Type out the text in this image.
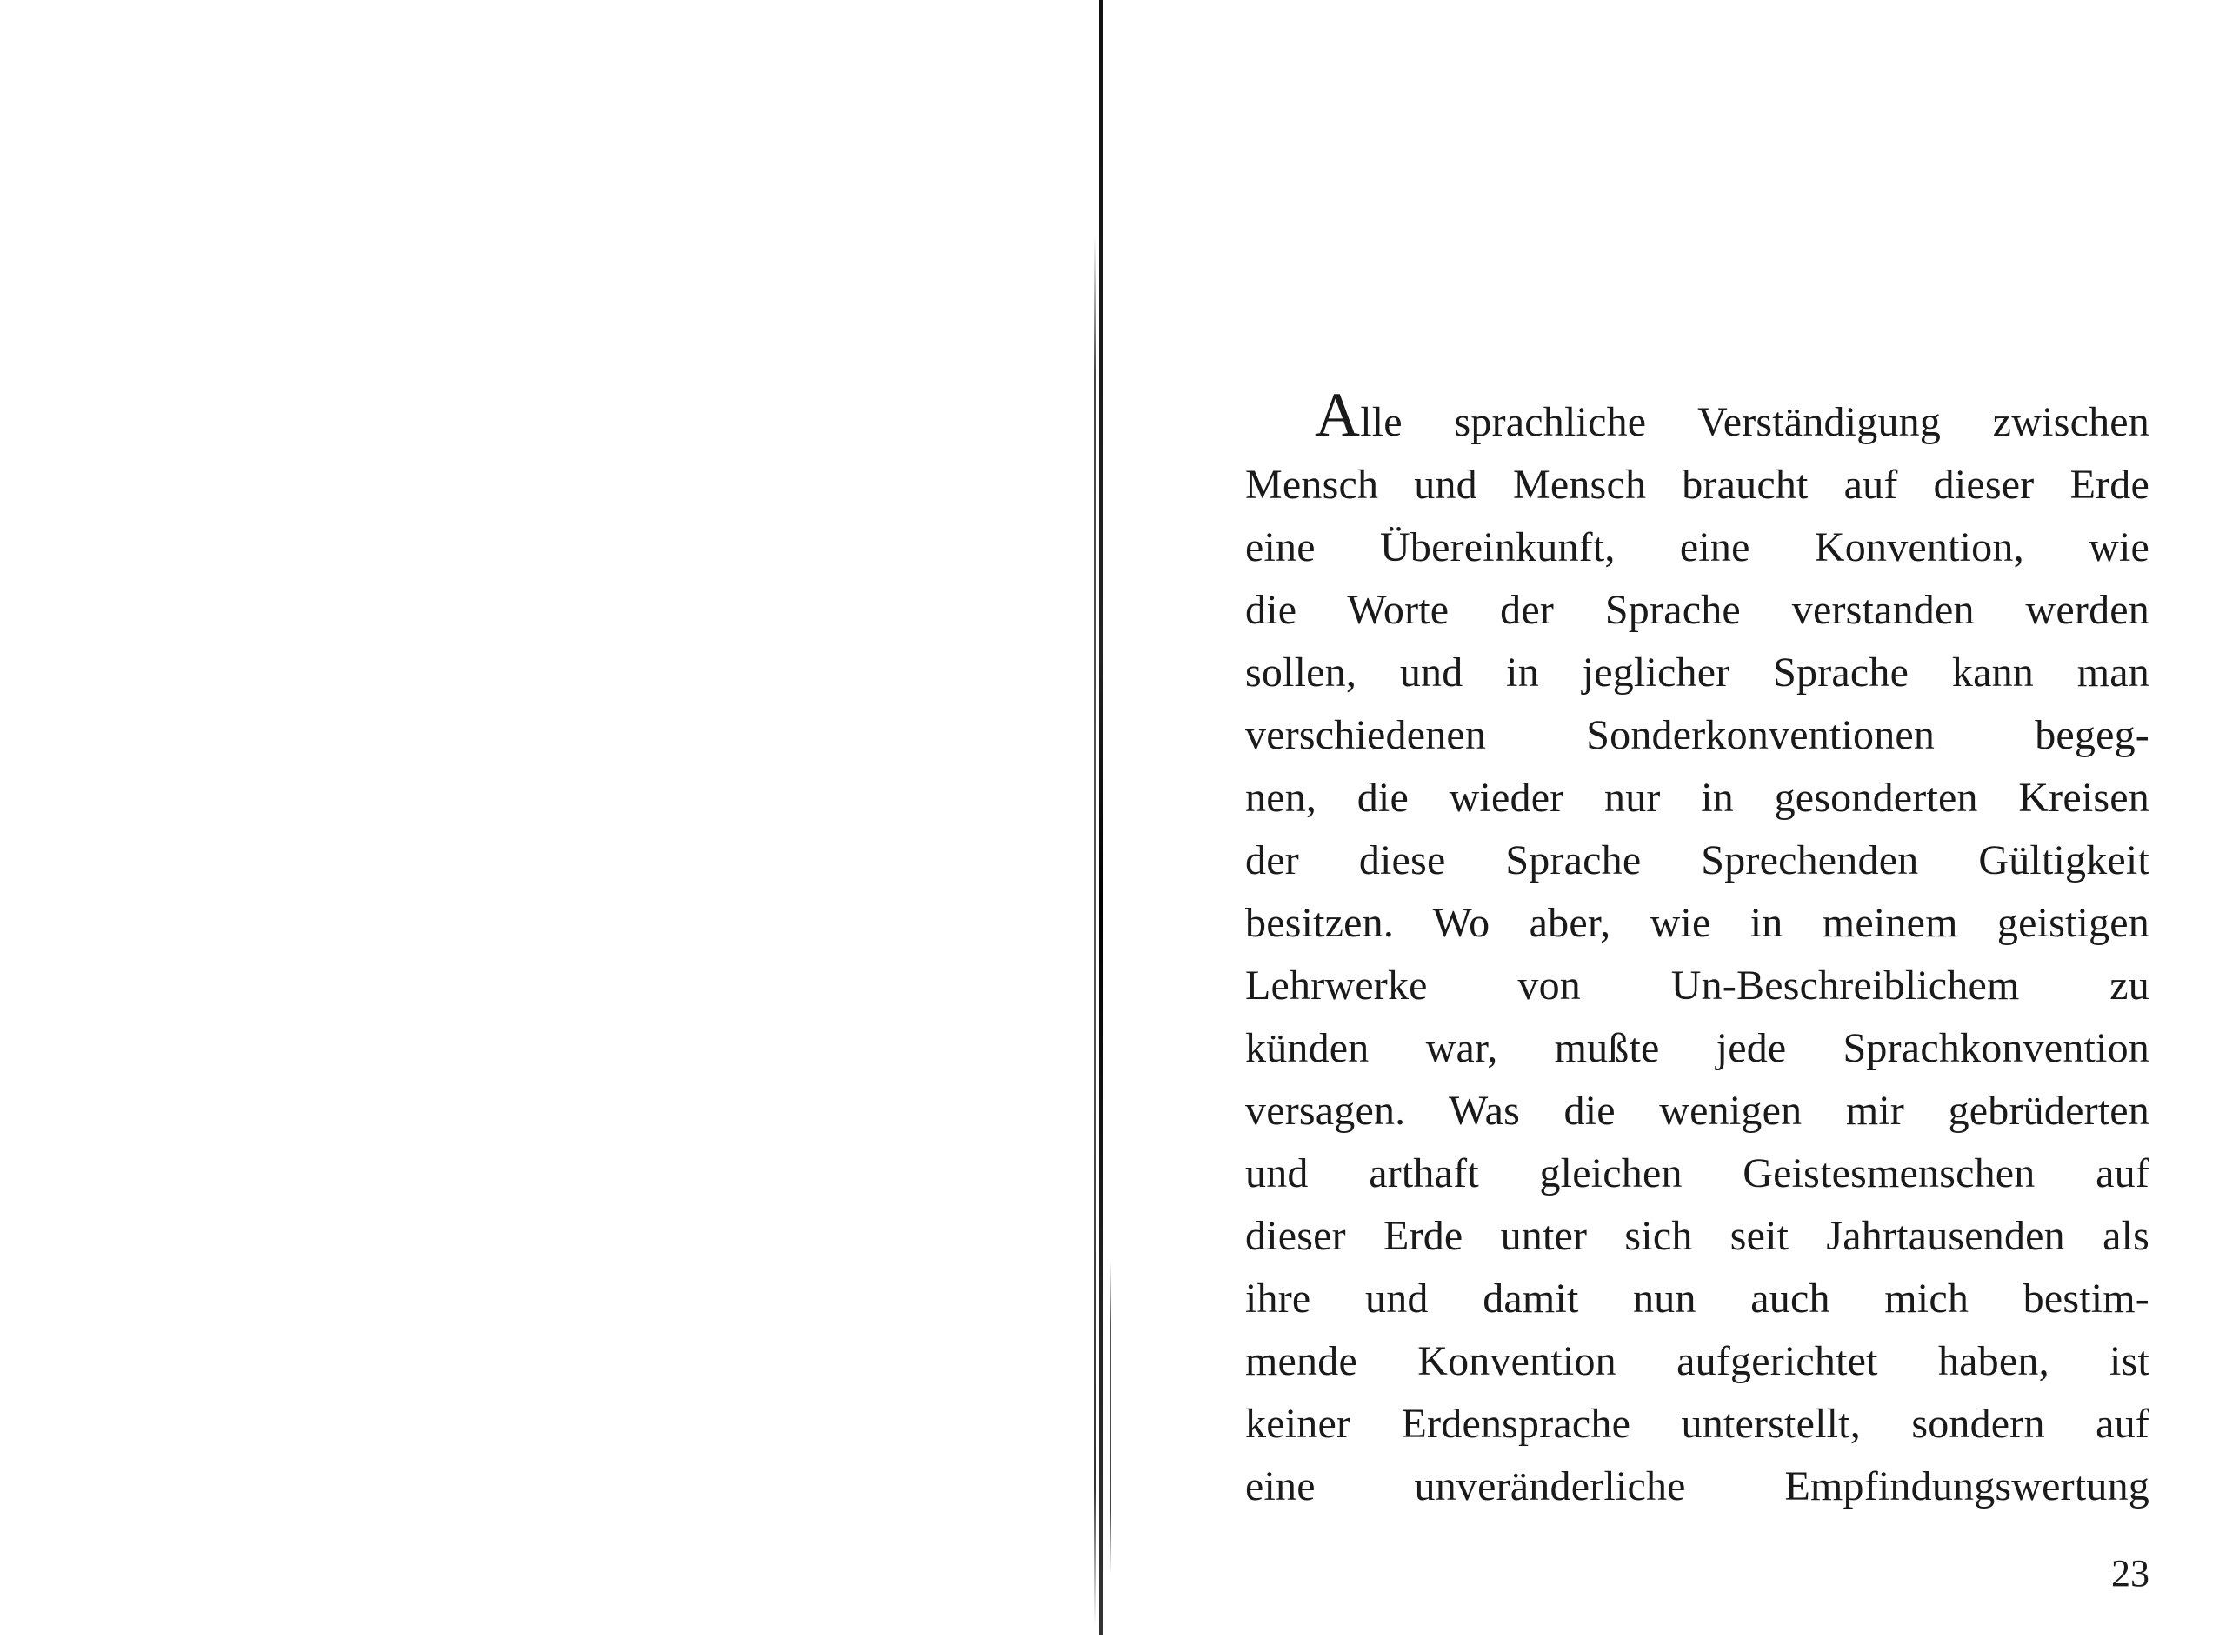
Alle sprachliche Verständigung zwischen
Mensch und Mensch braucht auf dieser Erde
eine Übereinkunft, eine Konvention, wie
die Worte der Sprache verstanden werden
sollen, und in jeglicher Sprache kann man
verschiedenen Sonderkonventionen begeg-
nen, die wieder nur in gesonderten Kreisen
der diese Sprache Sprechenden Gültigkeit
besitzen. Wo aber, wie in meinem geistigen
Lehrwerke von Un-Beschreiblichem zu
künden war, mußte jede Sprachkonvention
versagen. Was die wenigen mir gebrüderten
und arthaft gleichen Geistesmenschen auf
dieser Erde unter sich seit Jahrtausenden als
ihre und damit nun auch mich bestim-
mende Konvention aufgerichtet haben, ist
keiner Erdensprache unterstellt, sondern auf
eine unveränderliche Empfindungswertung
23
